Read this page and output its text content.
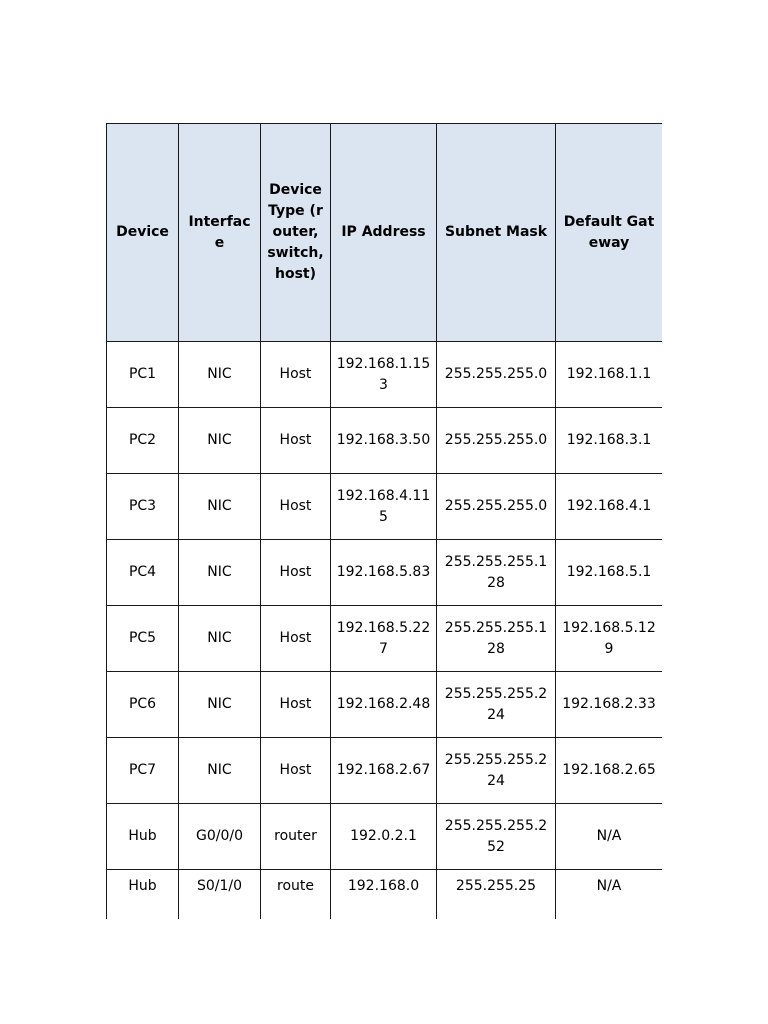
Device	Interface	Device Type (router, switch, host)	IP Address	Subnet Mask	Default Gateway
PC1	NIC	Host	192.168.1.153	255.255.255.0	192.168.1.1
PC2	NIC	Host	192.168.3.50	255.255.255.0	192.168.3.1
PC3	NIC	Host	192.168.4.115	255.255.255.0	192.168.4.1
PC4	NIC	Host	192.168.5.83	255.255.255.128	192.168.5.1
PC5	NIC	Host	192.168.5.227	255.255.255.128	192.168.5.129
PC6	NIC	Host	192.168.2.48	255.255.255.224	192.168.2.33
PC7	NIC	Host	192.168.2.67	255.255.255.224	192.168.2.65
Hub	G0/0/0	router	192.0.2.1	255.255.255.252	N/A
Hub	S0/1/0	route	192.168.0	255.255.25	N/A
